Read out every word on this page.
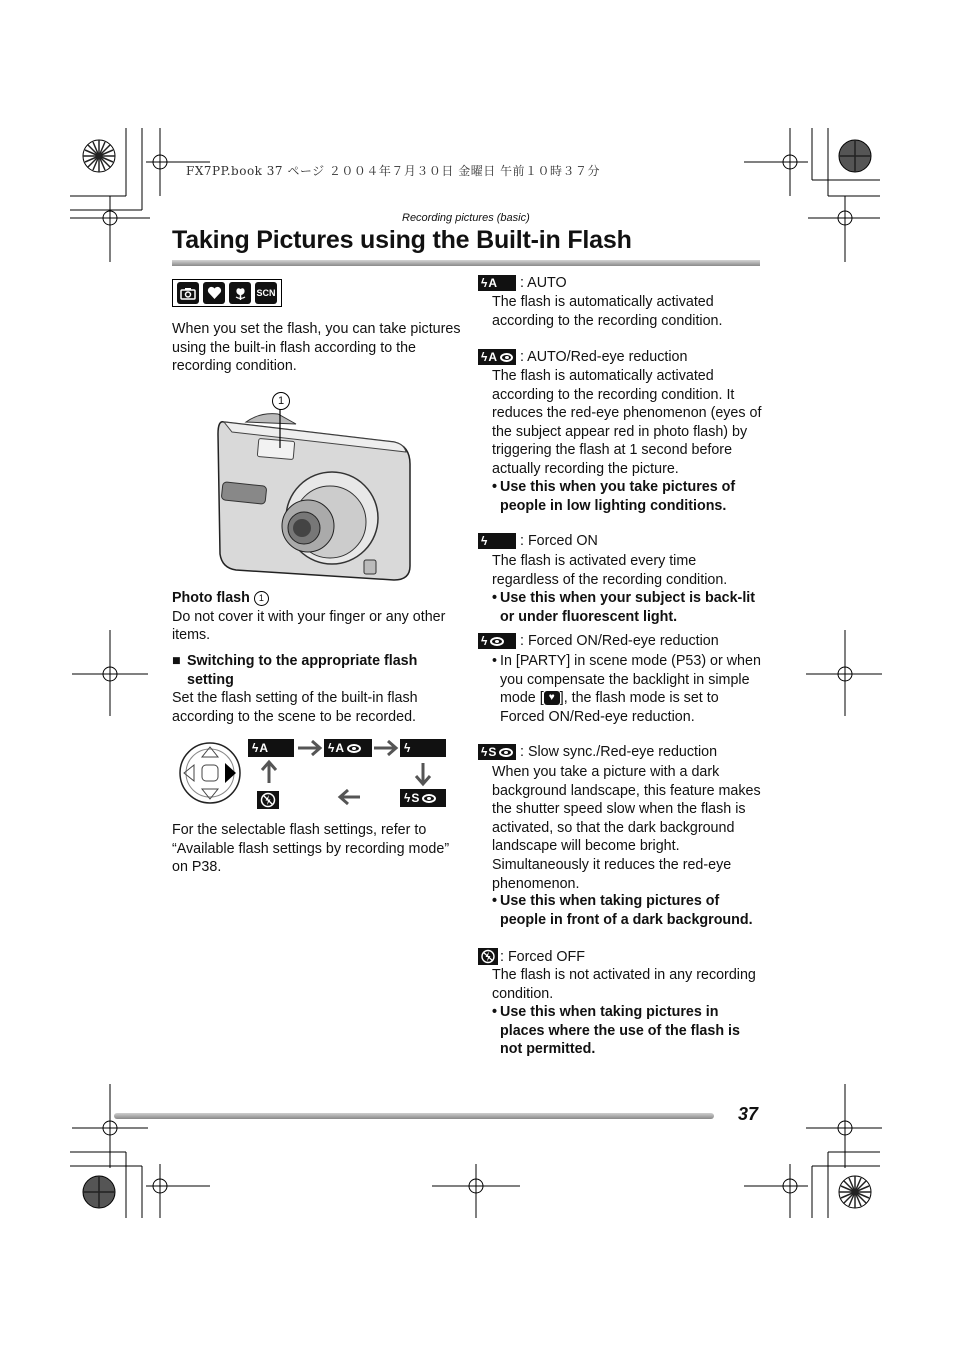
FX7PP.book 37 ページ ２００４年７月３０日 金曜日 午前１０時３７分
Recording pictures (basic)
Taking Pictures using the Built-in Flash
SCN

When you set the flash, you can take pictures using the built-in flash according to the recording condition.

1

Photo flash 1
Do not cover it with your finger or any other items.

■ Switching to the appropriate flash setting

Set the flash setting of the built-in flash according to the scene to be recorded.

ϟA	ϟA	ϟ
ϟS

For the selectable flash settings, refer to “Available flash settings by recording mode” on P38.

ϟA : AUTO

The flash is automatically activated according to the recording condition.

ϟA : AUTO/Red-eye reduction

The flash is automatically activated according to the recording condition. It reduces the red-eye phenomenon (eyes of the subject appear red in photo flash) by triggering the flash at 1 second before actually recording the picture.

• Use this when you take pictures of people in low lighting conditions.
ϟ : Forced ON

The flash is activated every time regardless of the recording condition.

• Use this when your subject is back-lit or under fluorescent light.
ϟ : Forced ON/Red-eye reduction
• In [PARTY] in scene mode (P53) or when you compensate the backlight in simple mode [ ♥ ], the flash mode is set to Forced ON/Red-eye reduction.
ϟS : Slow sync./Red-eye reduction

When you take a picture with a dark background landscape, this feature makes the shutter speed slow when the flash is activated, so that the dark background landscape will become bright. Simultaneously it reduces the red-eye phenomenon.

• Use this when taking pictures of people in front of a dark background.
: Forced OFF

The flash is not activated in any recording condition.

• Use this when taking pictures in places where the use of the flash is not permitted.
37
